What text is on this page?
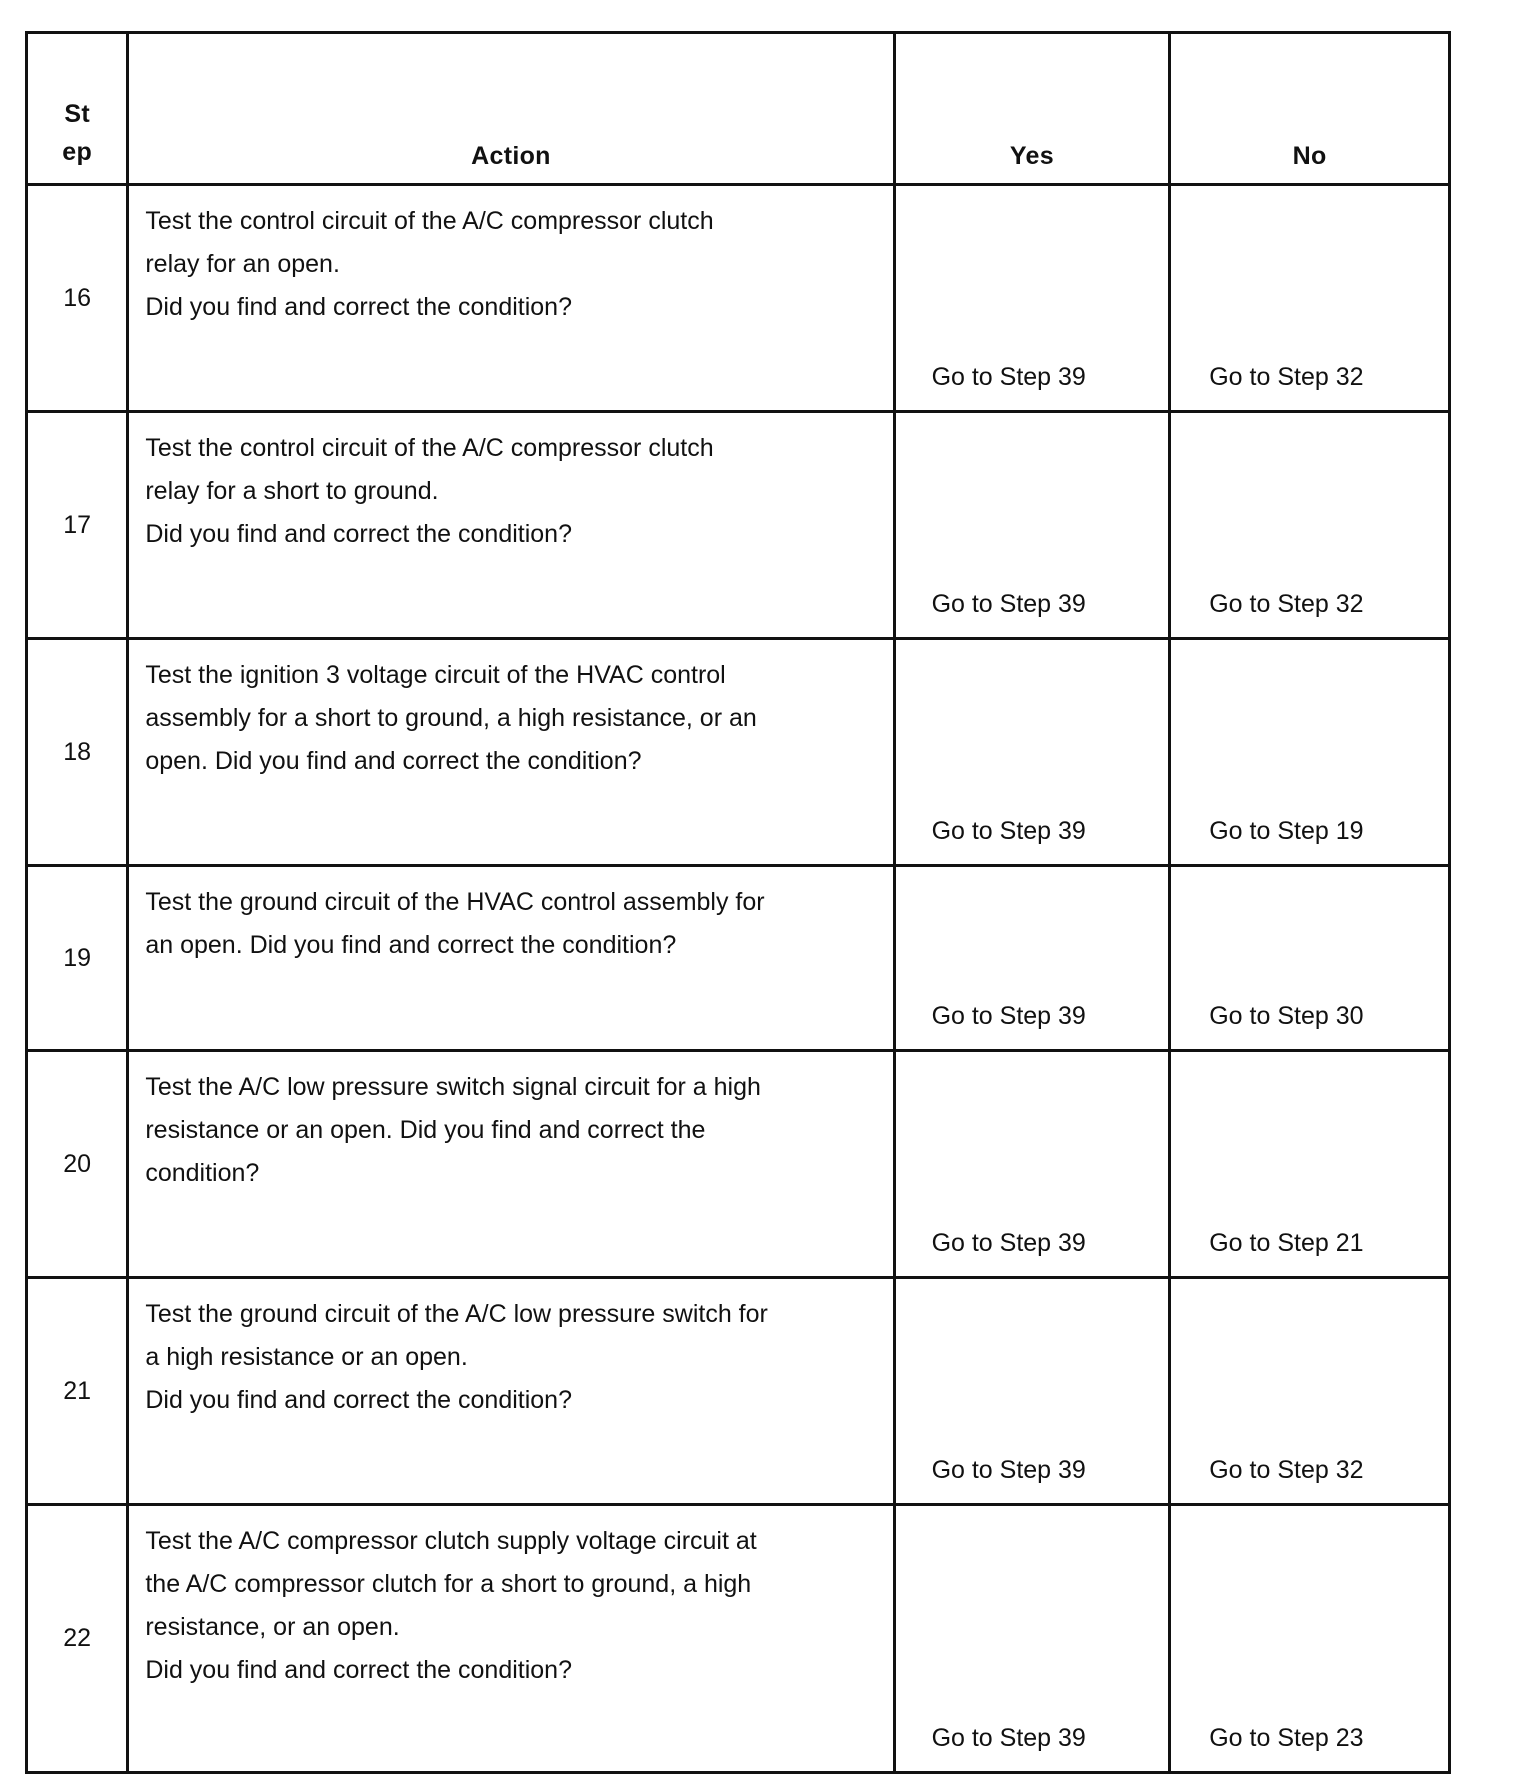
St
ep	Action	Yes	No
16	Test the control circuit of the A/C compressor clutch
relay for an open.
Did you find and correct the condition?	Go to Step 39	Go to Step 32
17	Test the control circuit of the A/C compressor clutch
relay for a short to ground.
Did you find and correct the condition?	Go to Step 39	Go to Step 32
18	Test the ignition 3 voltage circuit of the HVAC control
assembly for a short to ground, a high resistance, or an
open. Did you find and correct the condition?	Go to Step 39	Go to Step 19
19	Test the ground circuit of the HVAC control assembly for
an open. Did you find and correct the condition?	Go to Step 39	Go to Step 30
20	Test the A/C low pressure switch signal circuit for a high
resistance or an open. Did you find and correct the
condition?	Go to Step 39	Go to Step 21
21	Test the ground circuit of the A/C low pressure switch for
a high resistance or an open.
Did you find and correct the condition?	Go to Step 39	Go to Step 32
22	Test the A/C compressor clutch supply voltage circuit at
the A/C compressor clutch for a short to ground, a high
resistance, or an open.
Did you find and correct the condition?	Go to Step 39	Go to Step 23
